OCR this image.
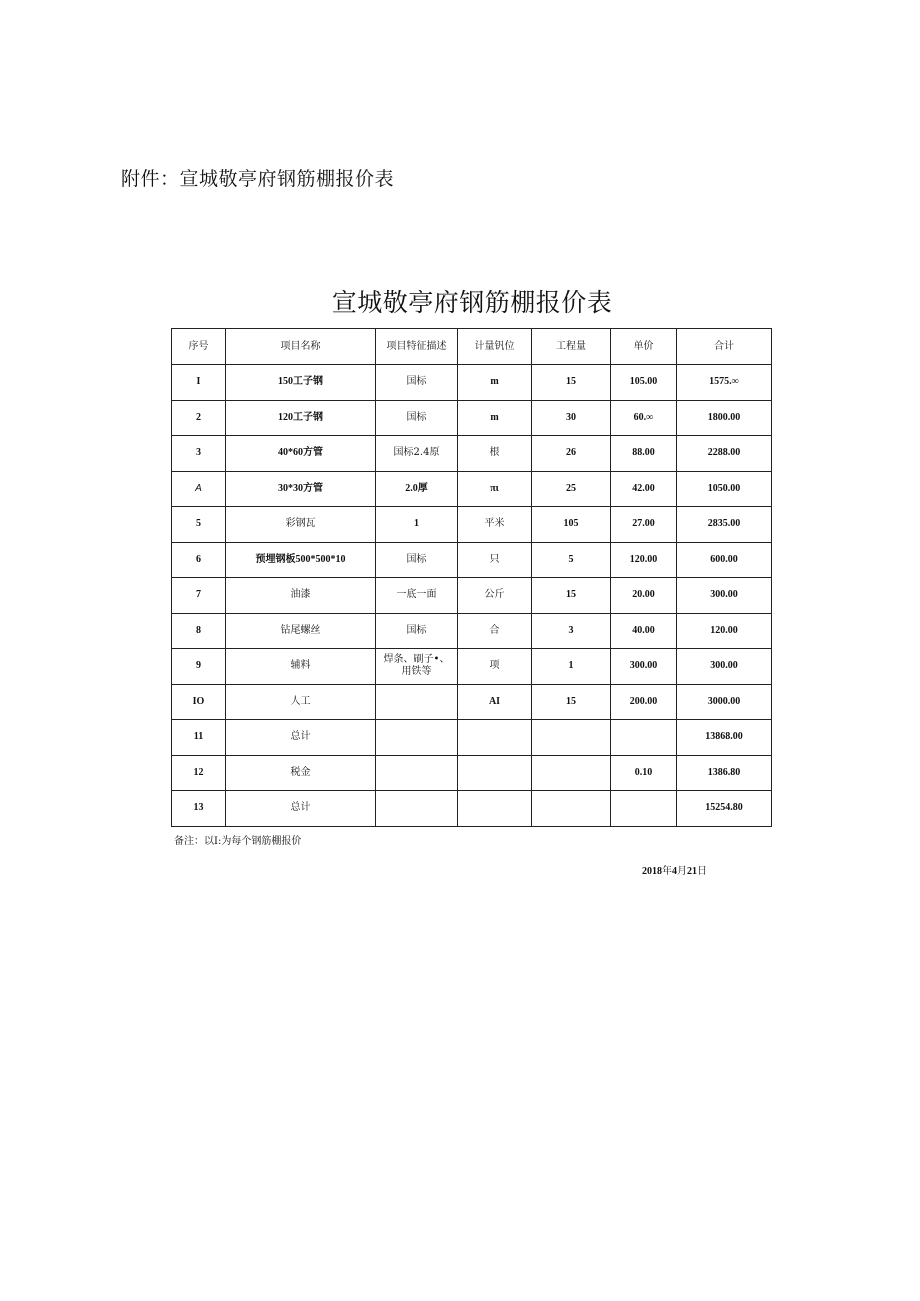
附件：宣城敬亭府钢筋棚报价表
宣城敬亭府钢筋棚报价表
序号	项目名称	项目特征描述	计量钒位	工程量	单价	合计
I	150工子钢	国标	m	15	105.00	1575.∞
2	120工子钢	国标	m	30	60.∞	1800.00
3	40*60方管	国标2.4原	根	26	88.00	2288.00
A	30*30方管	2.0厚	πι	25	42.00	1050.00
5	彩钢瓦	1	平米	105	27.00	2835.00
6	预埋钢板500*500*10	国标	只	5	120.00	600.00
7	油漆	一底一面	公斤	15	20.00	300.00
8	钻尾螺丝	国标	合	3	40.00	120.00
9	辅料	焊条、刷子•、用铁等	项	1	300.00	300.00
IO	人工		AI	15	200.00	3000.00
11	总计					13868.00
12	税金				0.10	1386.80
13	总计					15254.80
备注：以I:为每个钢筋棚报价
2018年4月21日
